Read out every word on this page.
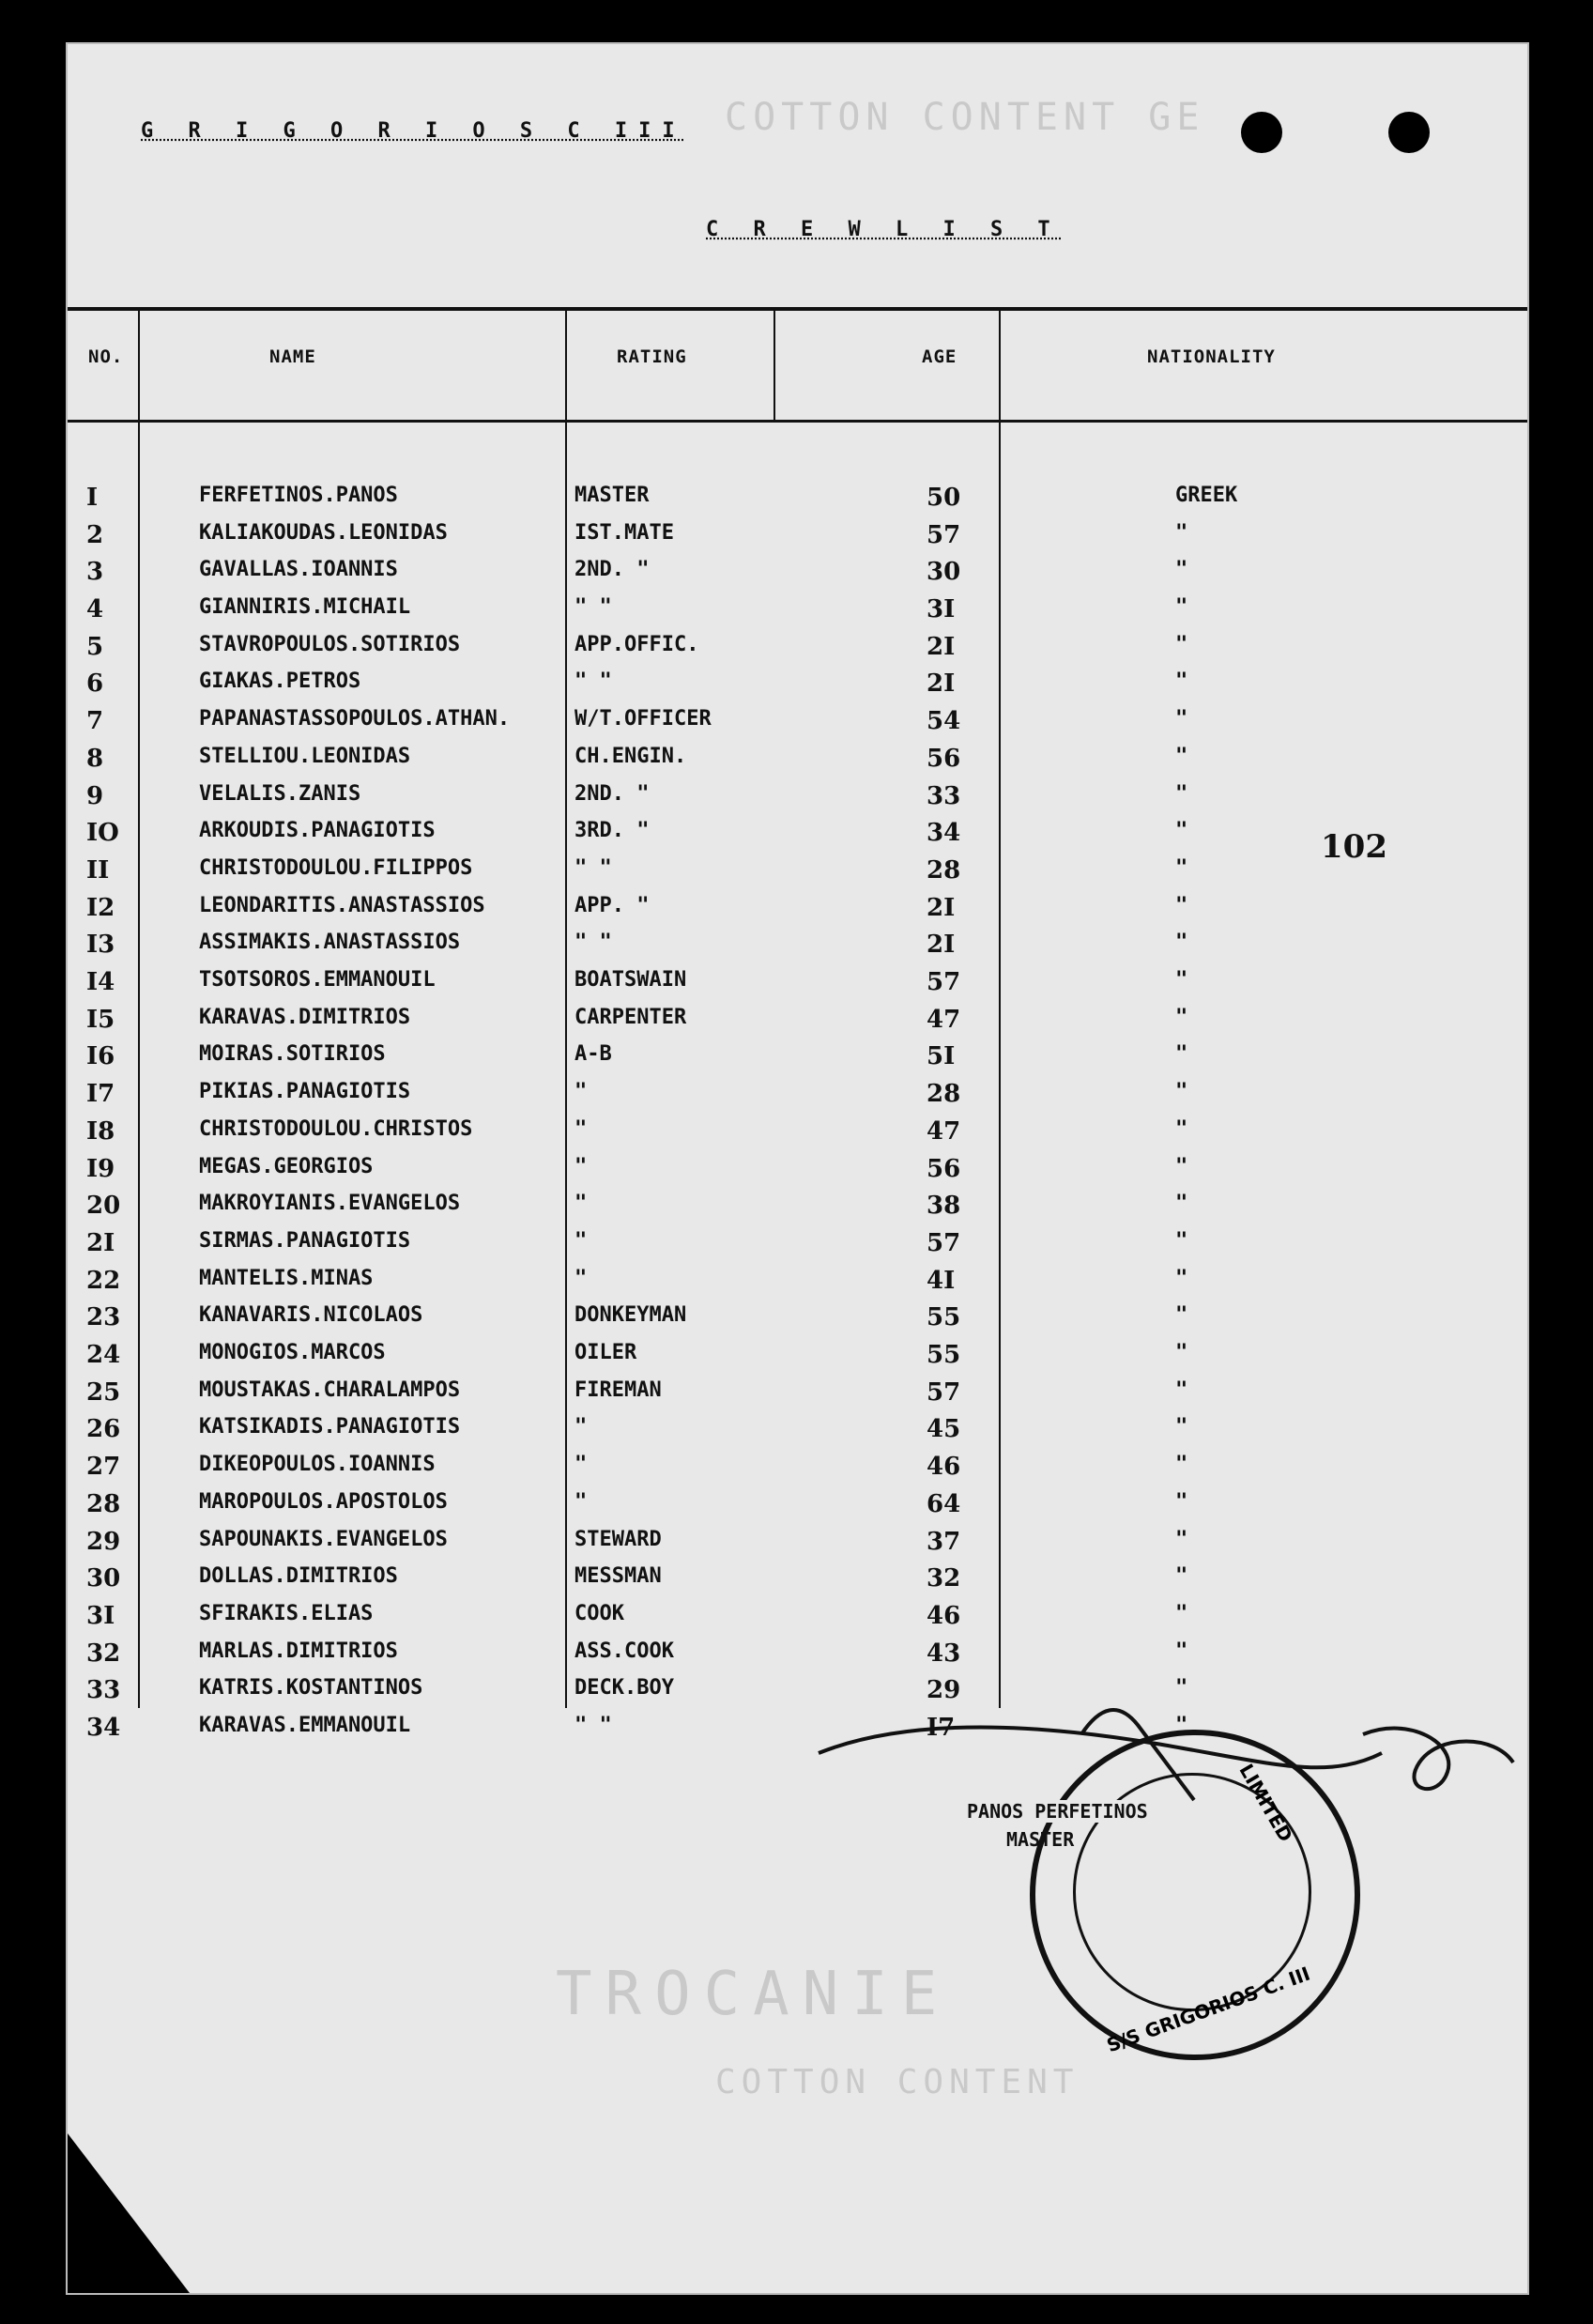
G R I G O R I O S C III COTTON CONTENT GE
C R E W L I S T
NO.	NAME	RATING	AGE	NATIONALITY
I	FERFETINOS.PANOS	MASTER	50	GREEK
2	KALIAKOUDAS.LEONIDAS	IST.MATE	57	"
3	GAVALLAS.IOANNIS	2ND. "	30	"
4	GIANNIRIS.MICHAIL	" "	3I	"
5	STAVROPOULOS.SOTIRIOS	APP.OFFIC.	2I	"
6	GIAKAS.PETROS	" "	2I	"
7	PAPANASTASSOPOULOS.ATHAN.	W/T.OFFICER	54	"
8	STELLIOU.LEONIDAS	CH.ENGIN.	56	"
9	VELALIS.ZANIS	2ND. "	33	"
IO	ARKOUDIS.PANAGIOTIS	3RD. "	34	"
II	CHRISTODOULOU.FILIPPOS	" "	28	"
I2	LEONDARITIS.ANASTASSIOS	APP. "	2I	"
I3	ASSIMAKIS.ANASTASSIOS	" "	2I	"
I4	TSOTSOROS.EMMANOUIL	BOATSWAIN	57	"
I5	KARAVAS.DIMITRIOS	CARPENTER	47	"
I6	MOIRAS.SOTIRIOS	A-B	5I	"
I7	PIKIAS.PANAGIOTIS	"	28	"
I8	CHRISTODOULOU.CHRISTOS	"	47	"
I9	MEGAS.GEORGIOS	"	56	"
20	MAKROYIANIS.EVANGELOS	"	38	"
2I	SIRMAS.PANAGIOTIS	"	57	"
22	MANTELIS.MINAS	"	4I	"
23	KANAVARIS.NICOLAOS	DONKEYMAN	55	"
24	MONOGIOS.MARCOS	OILER	55	"
25	MOUSTAKAS.CHARALAMPOS	FIREMAN	57	"
26	KATSIKADIS.PANAGIOTIS	"	45	"
27	DIKEOPOULOS.IOANNIS	"	46	"
28	MAROPOULOS.APOSTOLOS	"	64	"
29	SAPOUNAKIS.EVANGELOS	STEWARD	37	"
30	DOLLAS.DIMITRIOS	MESSMAN	32	"
3I	SFIRAKIS.ELIAS	COOK	46	"
32	MARLAS.DIMITRIOS	ASS.COOK	43	"
33	KATRIS.KOSTANTINOS	DECK.BOY	29	"
34	KARAVAS.EMMANOUIL	" "	I7	"
102
TROCANIE
COTTON CONTENT
LIMITED
S/S GRIGORIOS C. III
PANOS PERFETINOS
MASTER
